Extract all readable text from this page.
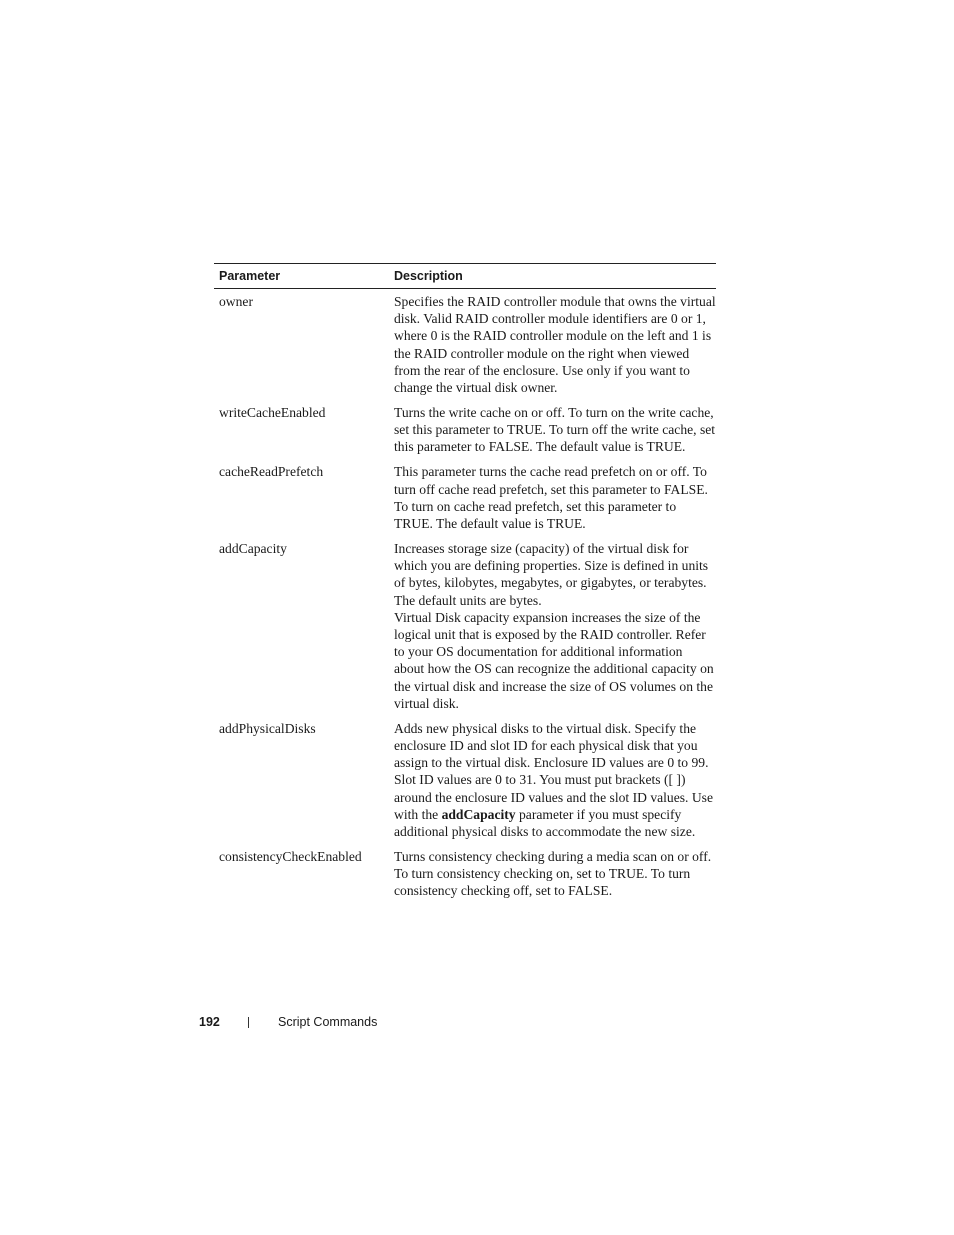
Parameter	Description
owner	Specifies the RAID controller module that owns the virtual disk. Valid RAID controller module identifiers are 0 or 1, where 0 is the RAID controller module on the left and 1 is the RAID controller module on the right when viewed from the rear of the enclosure. Use only if you want to change the virtual disk owner.
writeCacheEnabled	Turns the write cache on or off. To turn on the write cache, set this parameter to TRUE. To turn off the write cache, set this parameter to FALSE. The default value is TRUE.
cacheReadPrefetch	This parameter turns the cache read prefetch on or off. To turn off cache read prefetch, set this parameter to FALSE. To turn on cache read prefetch, set this parameter to TRUE. The default value is TRUE.
addCapacity	Increases storage size (capacity) of the virtual disk for which you are defining properties. Size is defined in units of bytes, kilobytes, megabytes, or gigabytes, or terabytes. The default units are bytes.
Virtual Disk capacity expansion increases the size of the logical unit that is exposed by the RAID controller. Refer to your OS documentation for additional information about how the OS can recognize the additional capacity on the virtual disk and increase the size of OS volumes on the virtual disk.
addPhysicalDisks	Adds new physical disks to the virtual disk. Specify the enclosure ID and slot ID for each physical disk that you assign to the virtual disk. Enclosure ID values are 0 to 99. Slot ID values are 0 to 31. You must put brackets ([ ]) around the enclosure ID values and the slot ID values. Use with the addCapacity parameter if you must specify additional physical disks to accommodate the new size.
consistencyCheckEnabled	Turns consistency checking during a media scan on or off. To turn consistency checking on, set to TRUE. To turn consistency checking off, set to FALSE.
192	Script Commands
